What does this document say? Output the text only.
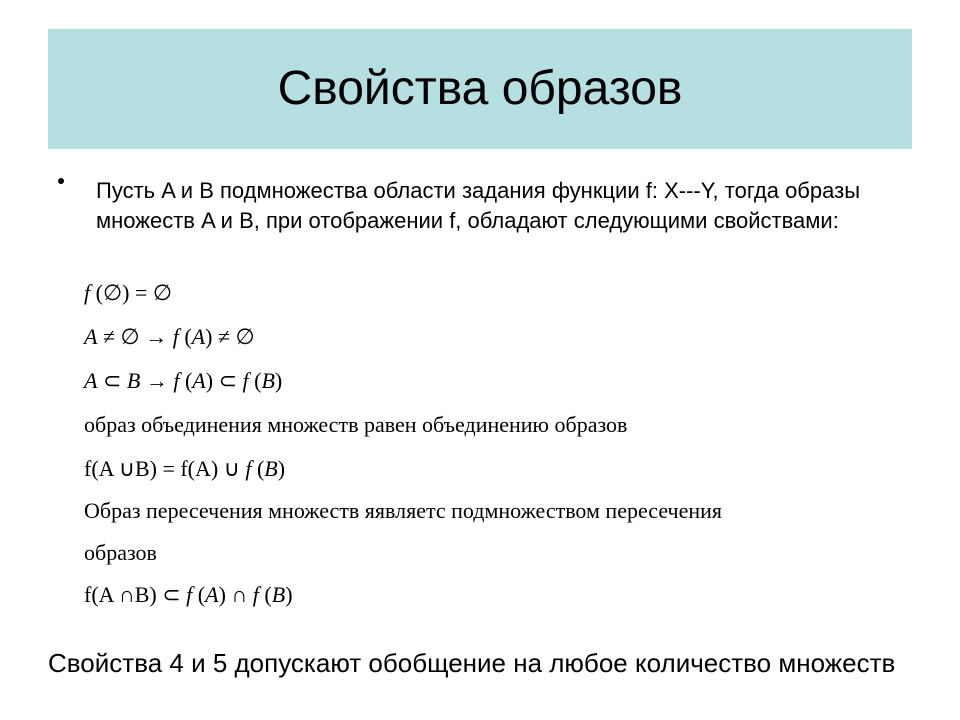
Свойства образов
Пусть A и B подмножества области задания функции f: X---Y, тогда образы множеств A и B, при отображении f, обладают следующими свойствами:
f (∅) = ∅
A ≠ ∅ → f (A) ≠ ∅
A ⊂ B → f (A) ⊂ f (B)
образ объединения множеств равен объединению образов
f(A ∪B) = f(A) ∪ f (B)
Образ пересечения множеств яявляетс подмножеством пересечения
образов
f(A ∩B) ⊂ f (A) ∩ f (B)
Свойства 4 и 5 допускают обобщение на любое количество множеств
